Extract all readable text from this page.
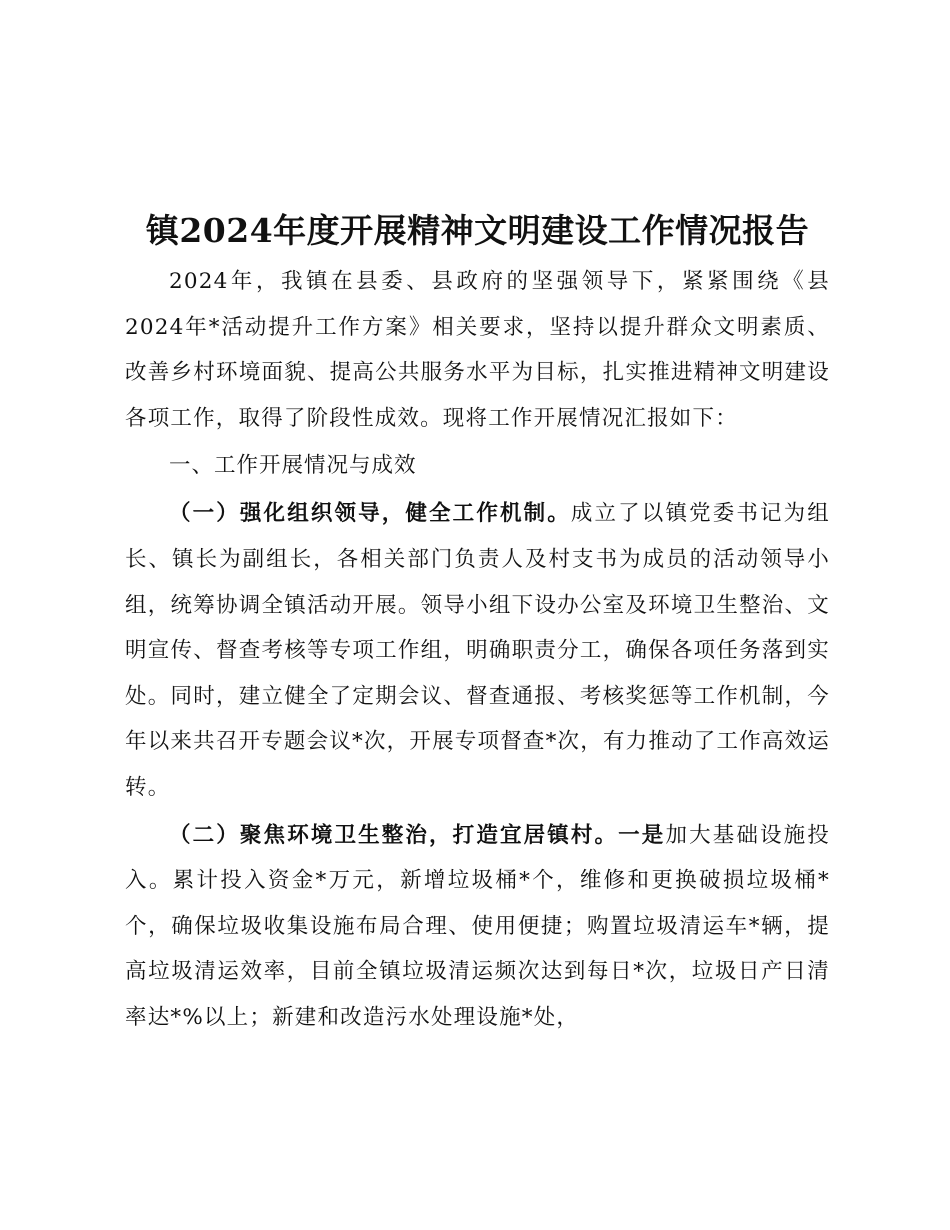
镇2024年度开展精神文明建设工作情况报告

2024年，我镇在县委、县政府的坚强领导下，紧紧围绕《县2024年*活动提升工作方案》相关要求，坚持以提升群众文明素质、改善乡村环境面貌、提高公共服务水平为目标，扎实推进精神文明建设各项工作，取得了阶段性成效。现将工作开展情况汇报如下：

一、工作开展情况与成效

（一）强化组织领导，健全工作机制。成立了以镇党委书记为组长、镇长为副组长，各相关部门负责人及村支书为成员的活动领导小组，统筹协调全镇活动开展。领导小组下设办公室及环境卫生整治、文明宣传、督查考核等专项工作组，明确职责分工，确保各项任务落到实处。同时，建立健全了定期会议、督查通报、考核奖惩等工作机制，今年以来共召开专题会议*次，开展专项督查*次，有力推动了工作高效运转。

（二）聚焦环境卫生整治，打造宜居镇村。一是加大基础设施投入。累计投入资金*万元，新增垃圾桶*个，维修和更换破损垃圾桶*个，确保垃圾收集设施布局合理、使用便捷；购置垃圾清运车*辆，提高垃圾清运效率，目前全镇垃圾清运频次达到每日*次，垃圾日产日清率达*%以上；新建和改造污水处理设施*处，
